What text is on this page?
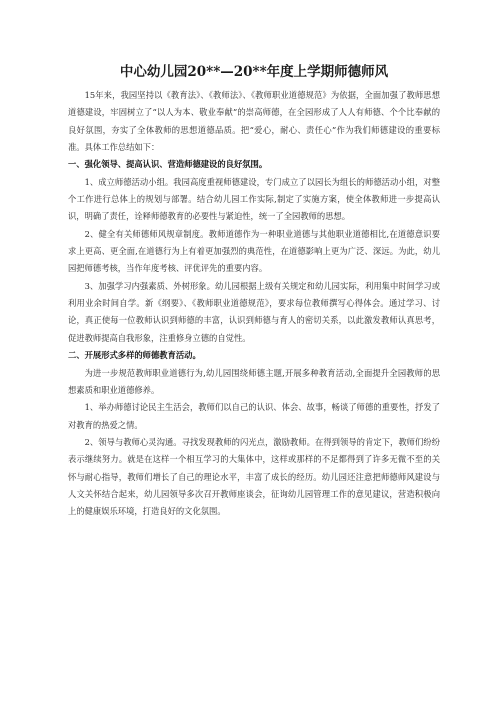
中心幼儿园20**—20**年度上学期师德师风

15年来，我园坚持以《教育法》、《教师法》、《教师职业道德规范》为依据，全面加强了教师思想道德建设，牢固树立了“以人为本、敬业奉献”的崇高师德，在全园形成了人人有师德、个个比奉献的良好氛围，夯实了全体教师的思想道德品质。把“爱心，耐心、责任心”作为我们师德建设的重要标准。具体工作总结如下：

一、强化领导、提高认识、营造师德建设的良好氛围。

1、成立师德活动小组。我园高度重视师德建设，专门成立了以园长为组长的师德活动小组，对整个工作进行总体上的规划与部署。结合幼儿园工作实际,制定了实施方案，使全体教师进一步提高认识，明确了责任，诠释师德教育的必要性与紧迫性，统一了全园教师的思想。

2、健全有关师德师风规章制度。教师道德作为一种职业道德与其他职业道德相比,在道德意识要求上更高、更全面,在道德行为上有着更加强烈的典范性，在道德影响上更为广泛、深远。为此，幼儿园把师德考核，当作年度考核、评优评先的重要内容。

3、加强学习内强素质、外树形象。幼儿园根据上级有关规定和幼儿园实际，利用集中时间学习或利用业余时间自学。新《纲要》、《教师职业道德规范》，要求每位教师撰写心得体会。通过学习、讨论，真正使每一位教师认识到师德的丰富，认识到师德与育人的密切关系，以此激发教师认真思考，促进教师提高自我形象，注重修身立德的自觉性。

二、开展形式多样的师德教育活动。

为进一步规范教师职业道德行为,幼儿园围绕师德主题,开展多种教育活动,全面提升全园教师的思想素质和职业道德修养。

1、举办师德讨论民主生活会，教师们以自己的认识、体会、故事，畅谈了师德的重要性，抒发了对教育的热爱之情。

2、领导与教师心灵沟通。寻找发现教师的闪光点，激励教师。在得到领导的肯定下，教师们纷纷表示继续努力。就是在这样一个相互学习的大集体中，这样或那样的不足都得到了许多无微不至的关怀与耐心指导，教师们增长了自己的理论水平，丰富了成长的经历。幼儿园还注意把师德师风建设与人文关怀结合起来，幼儿园领导多次召开教师座谈会，征询幼儿园管理工作的意见建议，营造积极向上的健康娱乐环境，打造良好的文化氛围。
